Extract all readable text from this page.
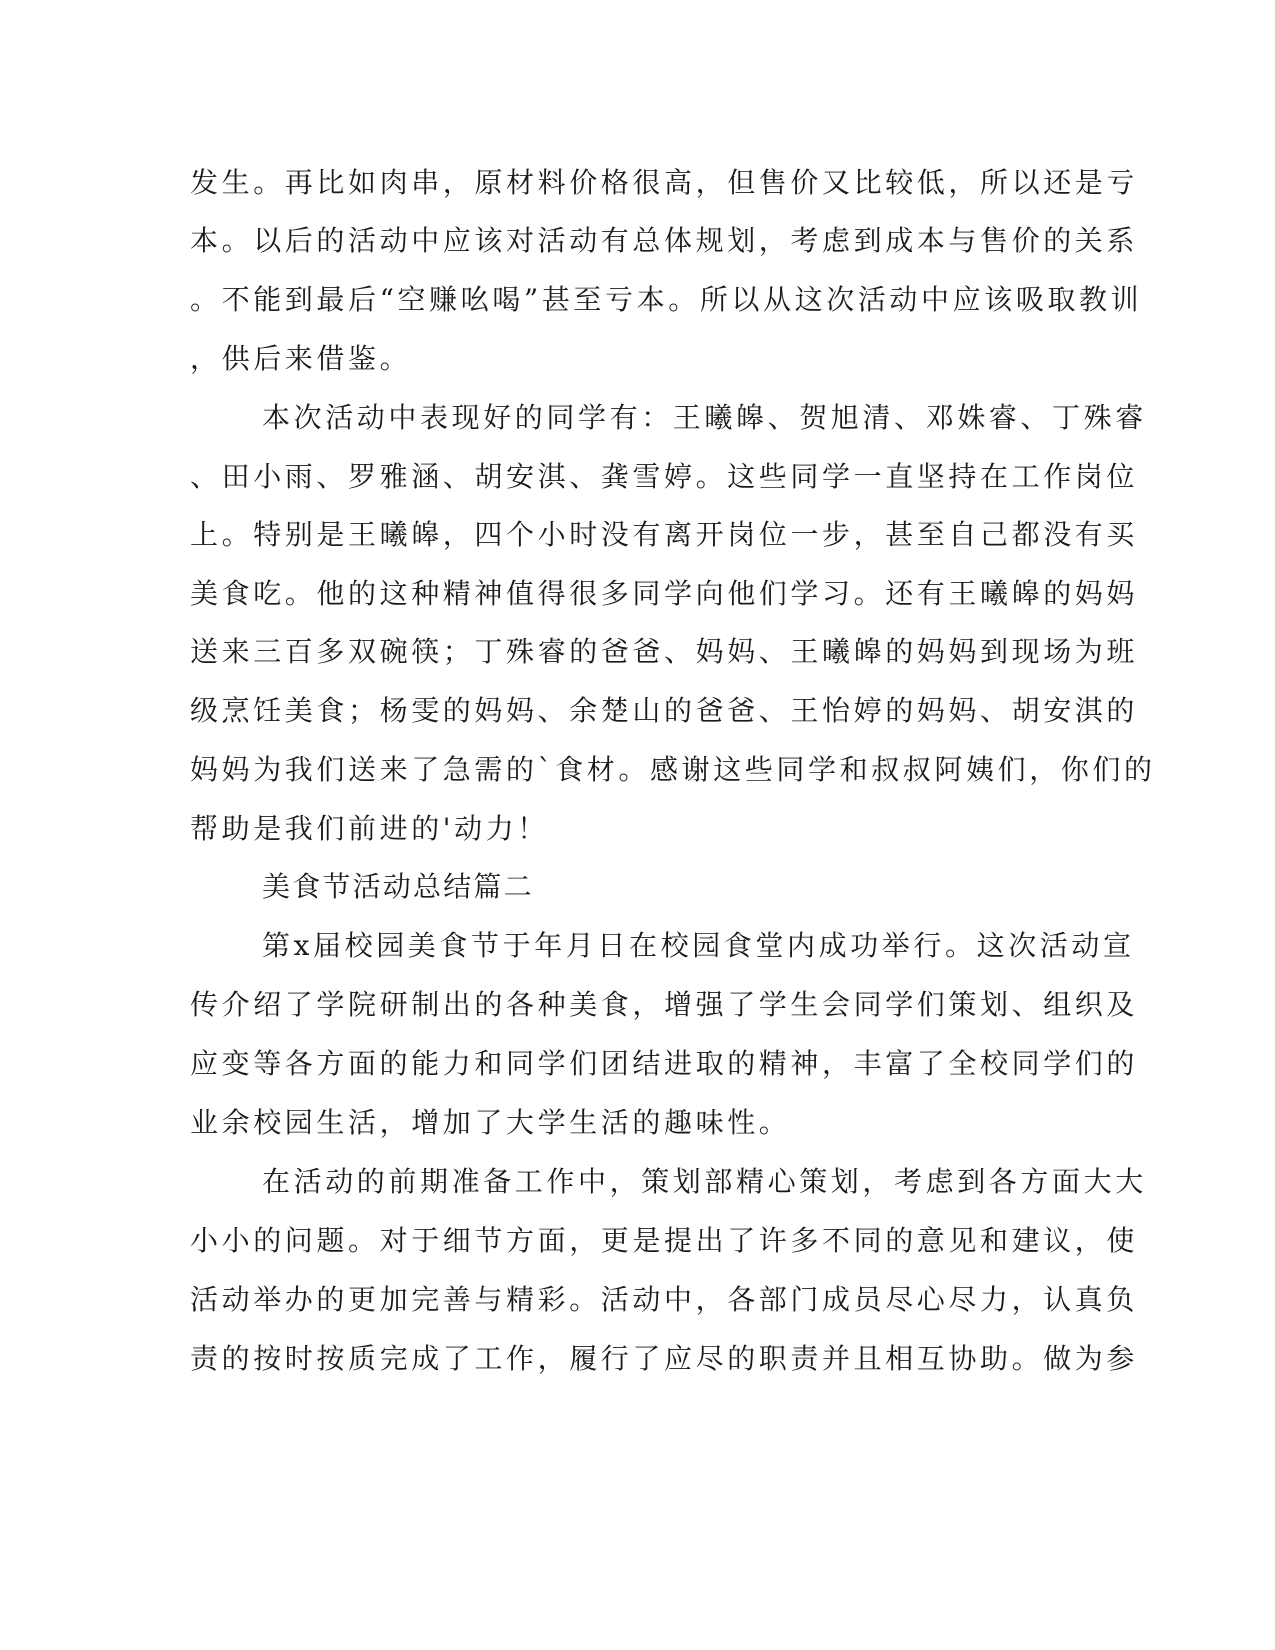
发生。再比如肉串，原材料价格很高，但售价又比较低，所以还是亏
本。以后的活动中应该对活动有总体规划，考虑到成本与售价的关系
。不能到最后“空赚吆喝”甚至亏本。所以从这次活动中应该吸取教训
，供后来借鉴。
本次活动中表现好的同学有：王曦皞、贺旭清、邓姝睿、丁殊睿
、田小雨、罗雅涵、胡安淇、龚雪婷。这些同学一直坚持在工作岗位
上。特别是王曦皞，四个小时没有离开岗位一步，甚至自己都没有买
美食吃。他的这种精神值得很多同学向他们学习。还有王曦皞的妈妈
送来三百多双碗筷；丁殊睿的爸爸、妈妈、王曦皞的妈妈到现场为班
级烹饪美食；杨雯的妈妈、余楚山的爸爸、王怡婷的妈妈、胡安淇的
妈妈为我们送来了急需的`食材。感谢这些同学和叔叔阿姨们，你们的
帮助是我们前进的'动力！
美食节活动总结篇二
第x届校园美食节于年月日在校园食堂内成功举行。这次活动宣
传介绍了学院研制出的各种美食，增强了学生会同学们策划、组织及
应变等各方面的能力和同学们团结进取的精神，丰富了全校同学们的
业余校园生活，增加了大学生活的趣味性。
在活动的前期准备工作中，策划部精心策划，考虑到各方面大大
小小的问题。对于细节方面，更是提出了许多不同的意见和建议，使
活动举办的更加完善与精彩。活动中，各部门成员尽心尽力，认真负
责的按时按质完成了工作，履行了应尽的职责并且相互协助。做为参
